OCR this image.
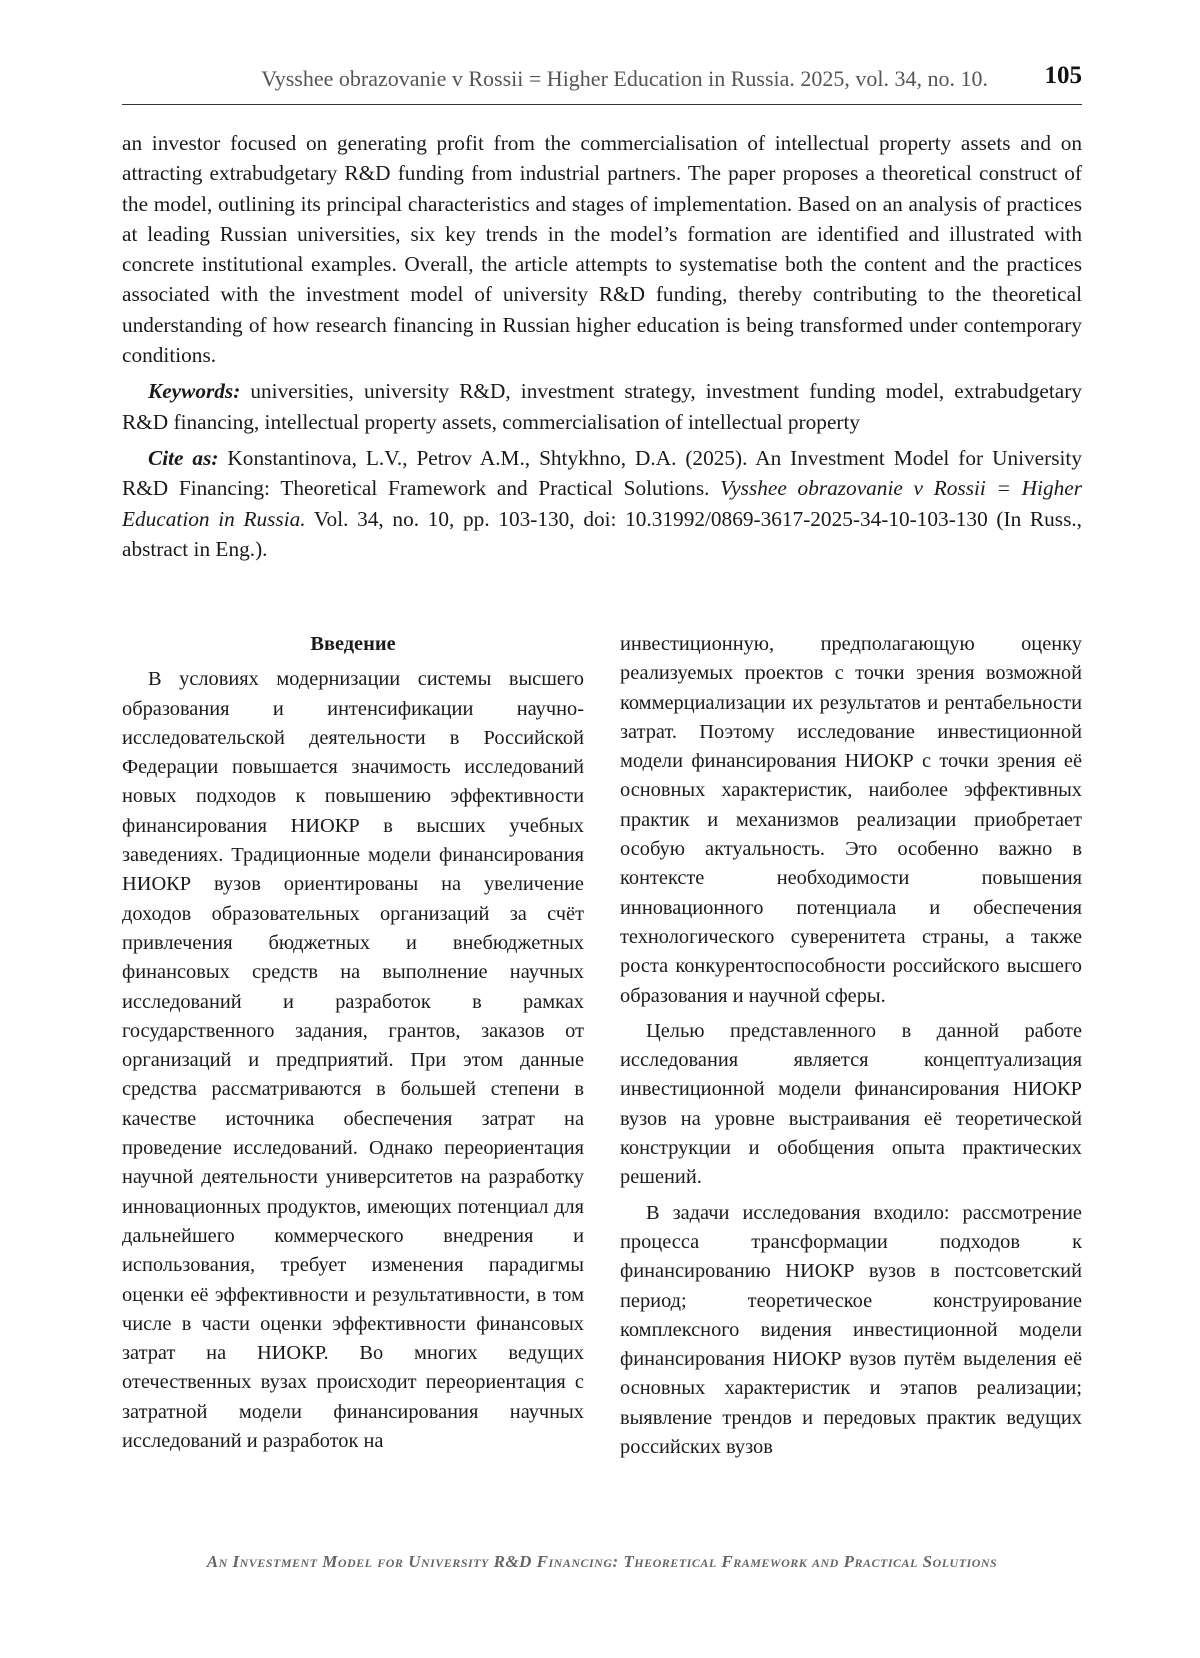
Vysshee obrazovanie v Rossii = Higher Education in Russia. 2025, vol. 34, no. 10. 105

an investor focused on generating profit from the commercialisation of intellectual property assets and on attracting extrabudgetary R&D funding from industrial partners. The paper proposes a theoretical construct of the model, outlining its principal characteristics and stages of implementation. Based on an analysis of practices at leading Russian universities, six key trends in the model’s formation are identified and illustrated with concrete institutional examples. Overall, the article attempts to systematise both the content and the practices associated with the investment model of university R&D funding, thereby contributing to the theoretical understanding of how research financing in Russian higher education is being transformed under contemporary conditions.

Keywords: universities, university R&D, investment strategy, investment funding model, extrabudgetary R&D financing, intellectual property assets, commercialisation of intellectual property

Cite as: Konstantinova, L.V., Petrov A.M., Shtykhno, D.A. (2025). An Investment Model for University R&D Financing: Theoretical Framework and Practical Solutions. Vysshee obrazovanie v Rossii = Higher Education in Russia. Vol. 34, no. 10, pp. 103-130, doi: 10.31992/0869-3617-2025-34-10-103-130 (In Russ., abstract in Eng.).

Введение

В условиях модернизации системы высшего образования и интенсификации научно-исследовательской деятельности в Российской Федерации повышается значимость исследований новых подходов к повышению эффективности финансирования НИОКР в высших учебных заведениях. Традиционные модели финансирования НИОКР вузов ориентированы на увеличение доходов образовательных организаций за счёт привлечения бюджетных и внебюджетных финансовых средств на выполнение научных исследований и разработок в рамках государственного задания, грантов, заказов от организаций и предприятий. При этом данные средства рассматриваются в большей степени в качестве источника обеспечения затрат на проведение исследований. Однако переориентация научной деятельности университетов на разработку инновационных продуктов, имеющих потенциал для дальнейшего коммерческого внедрения и использования, требует изменения парадигмы оценки её эффективности и результативности, в том числе в части оценки эффективности финансовых затрат на НИОКР. Во многих ведущих отечественных вузах происходит переориентация с затратной модели финансирования научных исследований и разработок на

инвестиционную, предполагающую оценку реализуемых проектов с точки зрения возможной коммерциализации их результатов и рентабельности затрат. Поэтому исследование инвестиционной модели финансирования НИОКР с точки зрения её основных характеристик, наиболее эффективных практик и механизмов реализации приобретает особую актуальность. Это особенно важно в контексте необходимости повышения инновационного потенциала и обеспечения технологического суверенитета страны, а также роста конкурентоспособности российского высшего образования и научной сферы.

Целью представленного в данной работе исследования является концептуализация инвестиционной модели финансирования НИОКР вузов на уровне выстраивания её теоретической конструкции и обобщения опыта практических решений.

В задачи исследования входило: рассмотрение процесса трансформации подходов к финансированию НИОКР вузов в постсоветский период; теоретическое конструирование комплексного видения инвестиционной модели финансирования НИОКР вузов путём выделения её основных характеристик и этапов реализации; выявление трендов и передовых практик ведущих российских вузов

An Investment Model for University R&D Financing: Theoretical Framework and Practical Solutions
